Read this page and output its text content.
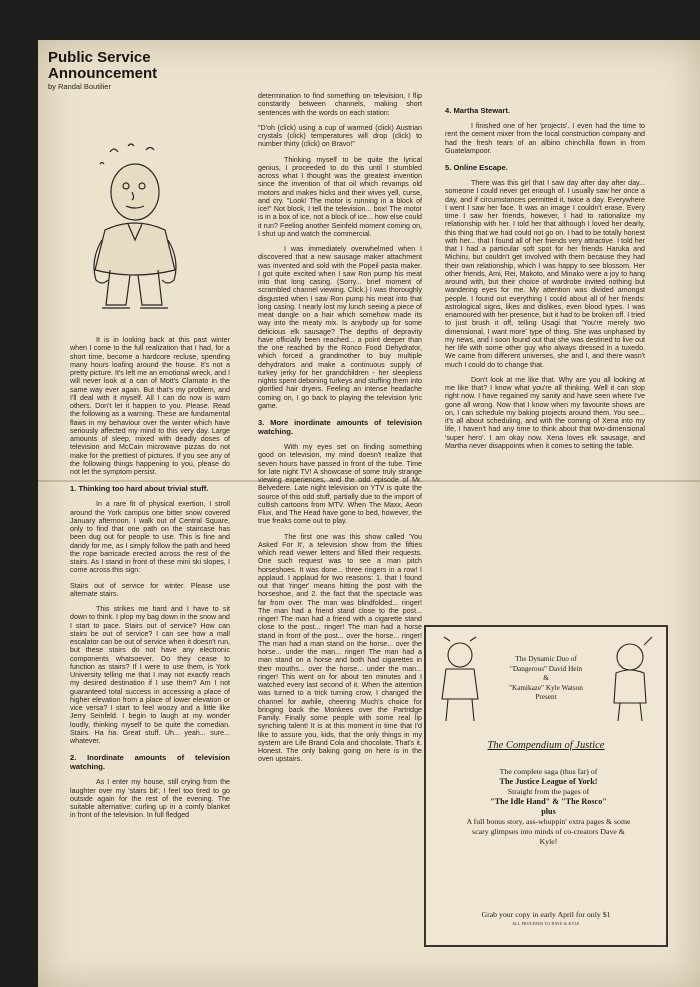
Public Service Announcement
by Randal Boutilier

It is in looking back at this past winter when I come to the full realization that I had, for a short time, become a hardcore recluse, spending many hours loafing around the house. It's not a pretty picture. It's left me an emotional wreck, and I will never look at a can of Mott's Clamato in the same way ever again. But that's my problem, and I'll deal with it myself. All I can do now is warn others. Don't let it happen to you. Please. Read the following as a warning. These are fundamental flaws in my behaviour over the winter which have seriously affected my mind to this very day. Large amounts of sleep, mixed with deadly doses of television and McCain microwave pizzas do not make for the prettiest of pictures. If you see any of the following things happening to you, please do not let the symptom persist.

1. Thinking too hard about trivial stuff.

In a rare fit of physical exertion, I stroll around the York campus one bitter snow covered January afternoon. I walk out of Central Square, only to find that one path on the staircase has been dug out for people to use. This is fine and dandy for me, as I simply follow the path and heed the rope barricade erected across the rest of the stairs. As I stand in front of these mini ski slopes, I come across this sign:

Stairs out of service for winter. Please use alternate stairs.

This strikes me hard and I have to sit down to think. I plop my bag down in the snow and I start to pace. Stairs out of service? How can stairs be out of service? I can see how a mall escalator can be out of service when it doesn't run, but these stairs do not have any electronic components whatsoever. Do they cease to function as stairs? If I were to use them, is York University telling me that I may not exactly reach my desired destination if I use them? Am I not guaranteed total success in accessing a place of higher elevation from a place of lower elevation or vice versa? I start to feel woozy and a little like Jerry Seinfeld. I begin to laugh at my wonder loudly, thinking myself to be quite the comedian. Stairs. Ha ha. Great stuff. Uh... yeah... sure... whatever.

2. Inordinate amounts of television watching.

As I enter my house, still crying from the laughter over my 'stairs bit', I feel too tired to go outside again for the rest of the evening. The suitable alternative: curling up in a comfy blanket in front of the television. In full fledged

determination to find something on television, I flip constantly between channels, making short sentences with the words on each station:

"D'oh (click) using a cup of warmed (click) Austrian crystals (click) temperatures will drop (click) to number thirty (click) on Bravo!"

Thinking myself to be quite the lyrical genius, I proceeded to do this until I stumbled across what I thought was the greatest invention since the invention of that oil which revamps old motors and makes hicks and their wives yell, curse, and cry. "Look! The motor is running in a block of ice!" Not block, I tell the television... box! The motor is in a box of ice, not a block of ice... how else could it run? Feeling another Seinfeld moment coming on, I shut up and watch the commercial.

I was immediately overwhelmed when I discovered that a new sausage maker attachment was invented and sold with the Popeil pasta maker. I got quite excited when I saw Ron pump his meat into that long casing. (Sorry... brief moment of scrambled channel viewing. Click.) I was thoroughly disgusted when I saw Ron pump his meat into that long casing. I nearly lost my lunch seeing a piece of meat dangle on a hair which somehow made its way into the meaty mix. Is anybody up for some delicious elk sausage? The depths of depravity have officially been reached... a point deeper than the one reached by the Ronco Food Dehydrator, which forced a grandmother to buy multiple dehydrators and make a continuous supply of turkey jerky for her grandchildren - her sleepless nights spent deboning turkeys and stuffing them into glorified hair dryers. Feeling an intense headache coming on, I go back to playing the television lyric game.

3. More inordinate amounts of television watching.

With my eyes set on finding something good on television, my mind doesn't realize that seven hours have passed in front of the tube. Time for late night TV! A showcase of some truly strange viewing experiences, and the odd episode of Mr. Belvedere. Late night television on YTV is quite the source of this odd stuff, partially due to the import of cultish cartoons from MTV. When The Maxx, Aeon Flux, and The Head have gone to bed, however, the true freaks come out to play.

The first one was this show called 'You Asked For It', a television show from the fifties which read viewer letters and filled their requests. One such request was to see a man pitch horseshoes. It was done... three ringers in a row! I applaud. I applaud for two reasons: 1. that I found out that 'ringer' means hitting the post with the horseshoe, and 2. the fact that the spectacle was far from over. The man was blindfolded... ringer! The man had a friend stand close to the post... ringer! The man had a friend with a cigarette stand close to the post... ringer! The man had a horse stand in front of the post... over the horse... ringer! The man had a man stand on the horse... over the horse... under the man... ringer! The man had a man stand on a horse and both had cigarettes in their mouths... over the horse... under the man... ringer! This went on for about ten minutes and I watched every last second of it. When the attention was turned to a trick turning crow, I changed the channel for awhile, cheering Much's choice for bringing back the Monkees over the Partridge Family. Finally some people with some real lip synching talent! It is at this moment in time that I'd like to assure you, kids, that the only things in my system are Life Brand Cola and chocolate. That's it. Honest. The only baking going on here is in the oven upstairs.

4. Martha Stewart.

I finished one of her 'projects'. I even had the time to rent the cement mixer from the local construction company and had the fresh tears of an albino chinchilla flown in from Guatelampoor.

5. Online Escape.

There was this girl that I saw day after day after day... someone I could never get enough of. I usually saw her once a day, and if circumstances permitted it, twice a day. Everywhere I went I saw her face. It was an image I couldn't erase. Every time I saw her friends, however, I had to rationalize my relationship with her. I told her that although I loved her dearly, this thing that we had could not go on. I had to be totally honest with her... that I found all of her friends very attractive. I told her that I had a particular soft spot for her friends Haruka and Michiru, but couldn't get involved with them because they had their own relationship, which I was happy to see blossom. Her other friends, Ami, Rei, Makoto, and Minako were a joy to hang around with, but their choice of wardrobe invited nothing but wandering eyes for me. My attention was divided amongst people. I found out everything I could about all of her friends: astrological signs, likes and dislikes, even blood types. I was enamoured with her presence, but it had to be broken off. I tried to just brush it off, telling Usagi that 'You're merely two dimensional, I want more' type of thing. She was unphased by my news, and I soon found out that she was destined to live out her life with some other guy who always dressed in a tuxedo. We came from different universes, she and I, and there wasn't much I could do to change that.

Don't look at me like that. Why are you all looking at me like that? I know what you're all thinking. Well it can stop right now. I have regained my sanity and have seen where I've gone all wrong. Now that I know when my favourite shows are on, I can schedule my baking projects around them. You see... it's all about scheduling, and with the coming of Xena into my life, I haven't had any time to think about that two-dimensional 'super hero'. I am okay now. Xena loves elk sausage, and Martha never disappoints when it comes to setting the table.

The Dynamic Duo of
"Dangerous" David Hein
&
"Kamikaze" Kyle Watson
Present
The Compendium of Justice
The complete saga (thus far) of
The Justice League of York!
Straight from the pages of
"The Idle Hand" & "The Rosco"
plus
A full bonus story, ass-whuppin' extra pages & some scary glimpses into minds of co-creators Dave & Kyle!
Grab your copy in early April for only $1
ALL PROCEEDS TO DAVE & KYLE
